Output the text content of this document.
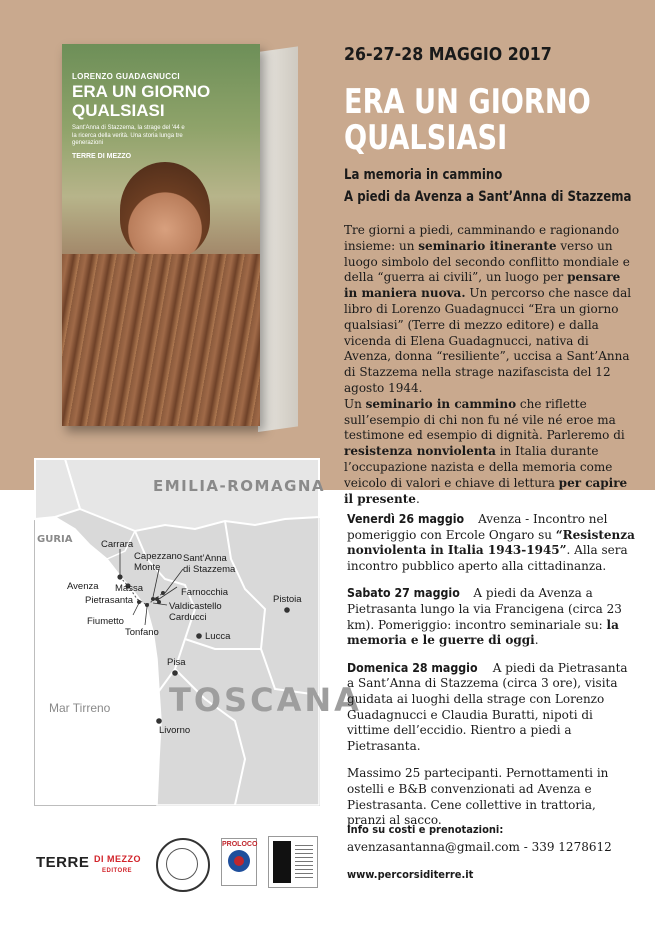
LORENZO GUADAGNUCCI
ERA UN GIORNO
QUALSIASI
Sant'Anna di Stazzema, la strage del '44 e la ricerca della verità. Una storia lunga tre generazioni
TERRE DI MEZZO
26-27-28 MAGGIO 2017
ERA UN GIORNO
QUALSIASI
La memoria in cammino
A piedi da Avenza a Sant’Anna di Stazzema
Tre giorni a piedi, camminando e ragionando insieme: un seminario itinerante verso un luogo simbolo del secondo conflitto mondiale e della “guerra ai civili”, un luogo per pensare in maniera nuova. Un percorso che nasce dal libro di Lorenzo Guadagnucci “Era un giorno qualsiasi” (Terre di mezzo editore) e dalla vicenda di Elena Guadagnucci, nativa di Avenza, donna “resiliente”, uccisa a Sant’Anna di Stazzema nella strage nazifascista del 12 agosto 1944.
Un seminario in cammino che riflette sull’esempio di chi non fu né vile né eroe ma testimone ed esempio di dignità. Parleremo di resistenza nonviolenta in Italia durante l’occupazione nazista e della memoria come veicolo di valori e chiave di lettura per capire il presente.
EMILIA-ROMAGNA
GURIA
TOSCANA
Mar Tirreno
Carrara
Capezzano
Monte
Sant’Anna
di Stazzema
Avenza Massa	Farnocchia
Pietrasanta
Valdicastello
Carducci
Pistoia
Fiumetto
Tonfano	Lucca
Pisa
Livorno

Venerdì 26 maggio Avenza - Incontro nel pomeriggio con Ercole Ongaro su “Resistenza nonviolenta in Italia 1943-1945”. Alla sera incontro pubblico aperto alla cittadinanza.

Sabato 27 maggio A piedi da Avenza a Pietrasanta lungo la via Francigena (circa 23 km). Pomeriggio: incontro seminariale su: la memoria e le guerre di oggi.

Domenica 28 maggio A piedi da Pietrasanta a Sant’Anna di Stazzema (circa 3 ore), visita guidata ai luoghi della strage con Lorenzo Guadagnucci e Claudia Buratti, nipoti di vittime dell’eccidio. Rientro a piedi a Pietrasanta.

Massimo 25 partecipanti. Pernottamenti in ostelli e B&B convenzionati ad Avenza e Piestrasanta. Cene collettive in trattoria, pranzi al sacco.

Info su costi e prenotazioni:
avenzasantanna@gmail.com - 339 1278612
www.percorsiditerre.it
TERRE $^{DI MEZZO}$
EDITORE
PROLOCO
